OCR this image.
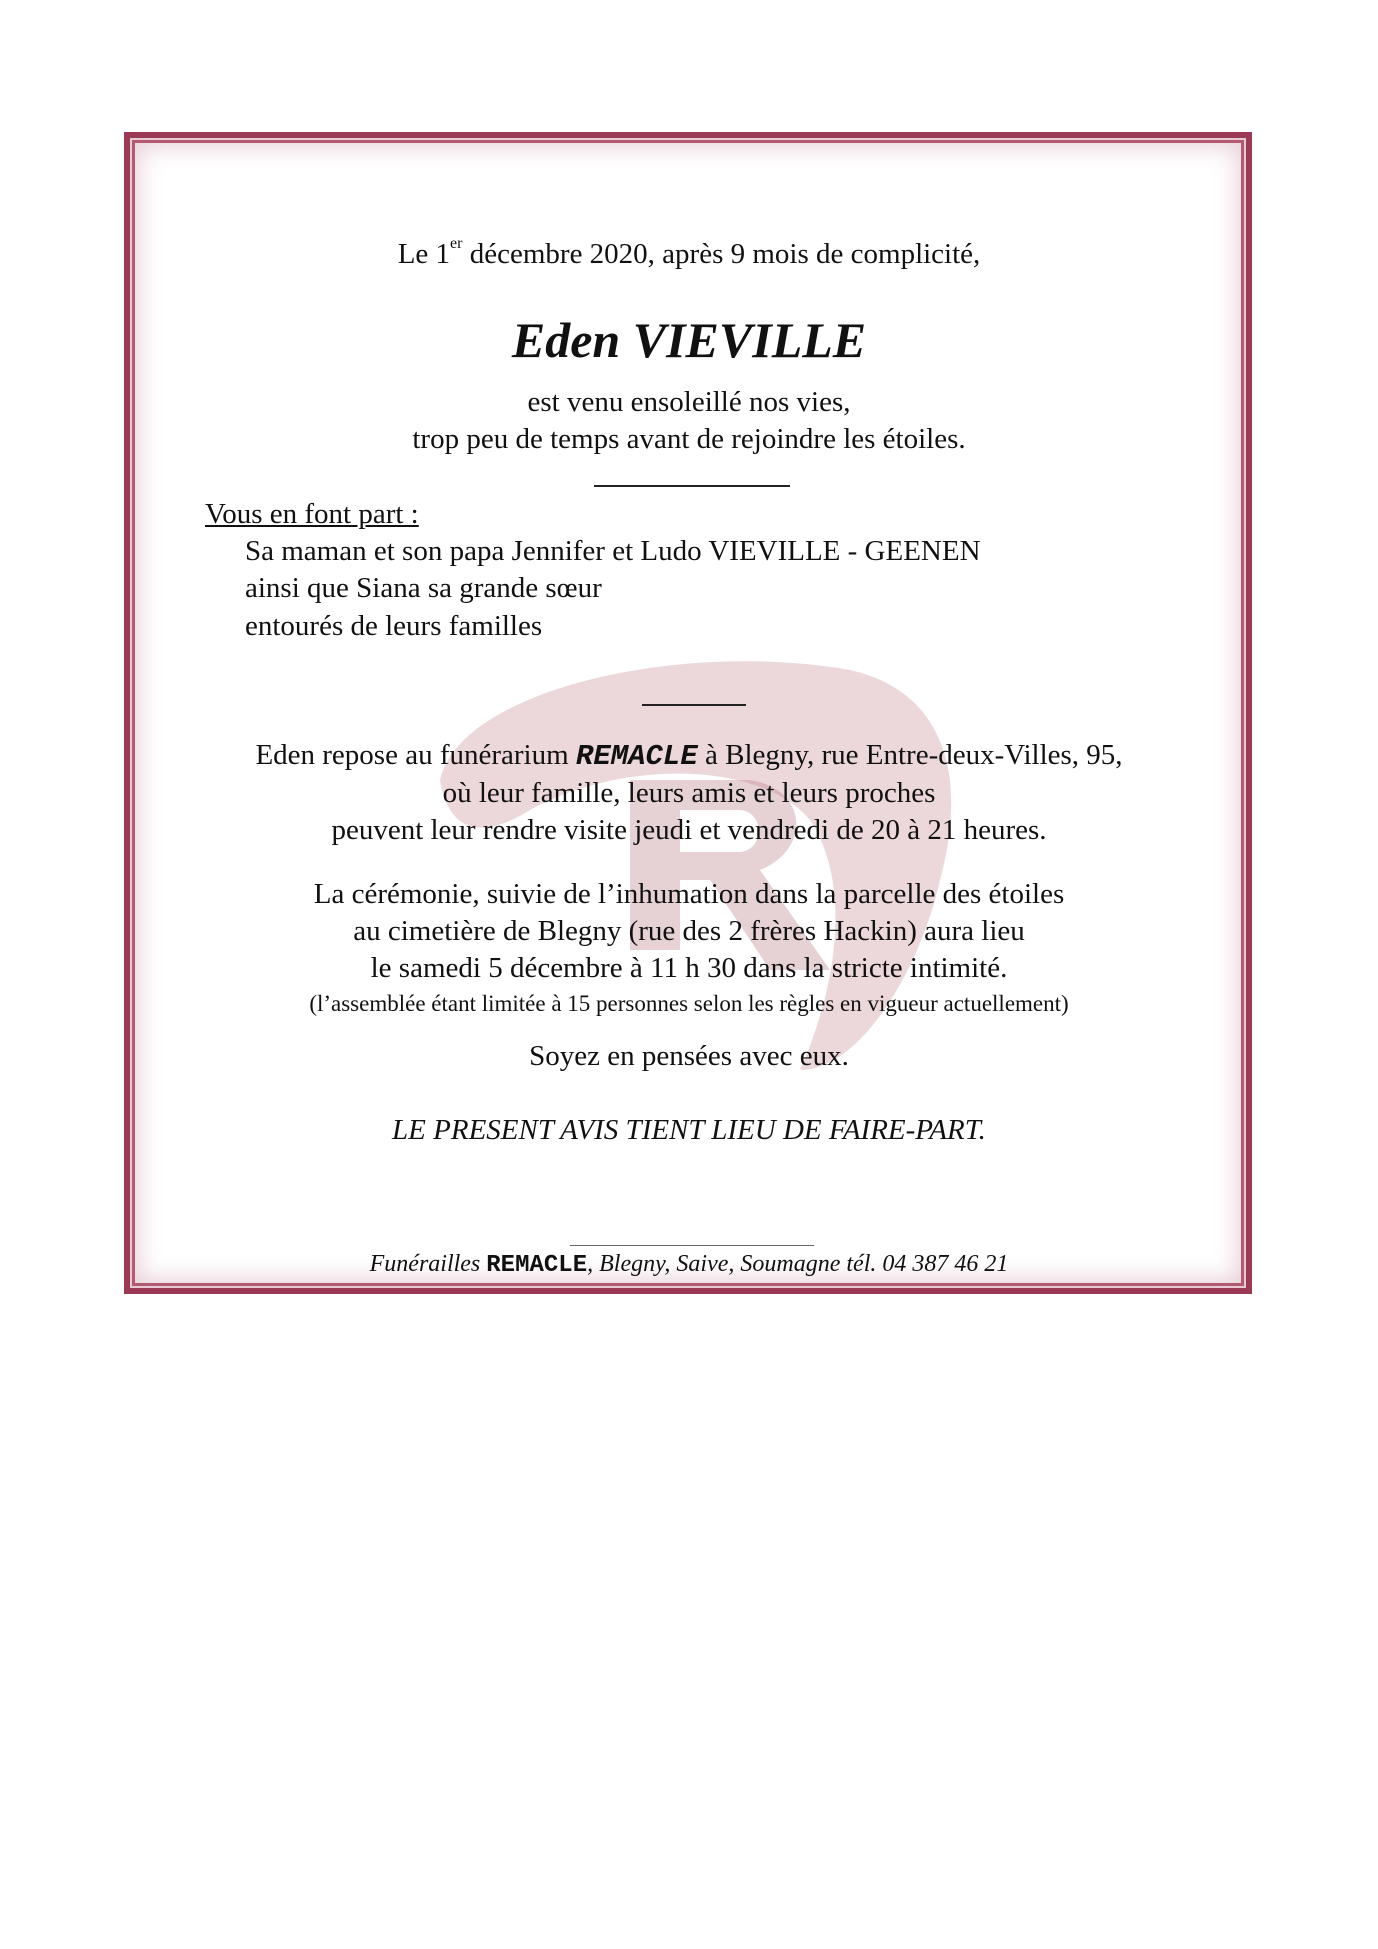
Le 1er décembre 2020, après 9 mois de complicité,
Eden VIEVILLE
est venu ensoleillé nos vies,
trop peu de temps avant de rejoindre les étoiles.
Vous en font part :
Sa maman et son papa Jennifer et Ludo VIEVILLE - GEENEN
ainsi que Siana sa grande sœur
entourés de leurs familles
Eden repose au funérarium REMACLE à Blegny, rue Entre-deux-Villes, 95,
où leur famille, leurs amis et leurs proches
peuvent leur rendre visite jeudi et vendredi de 20 à 21 heures.
La cérémonie, suivie de l’inhumation dans la parcelle des étoiles
au cimetière de Blegny (rue des 2 frères Hackin) aura lieu
le samedi 5 décembre à 11 h 30 dans la stricte intimité.
(l’assemblée étant limitée à 15 personnes selon les règles en vigueur actuellement)
Soyez en pensées avec eux.
LE PRESENT AVIS TIENT LIEU DE FAIRE-PART.
Funérailles REMACLE, Blegny, Saive, Soumagne tél. 04 387 46 21
